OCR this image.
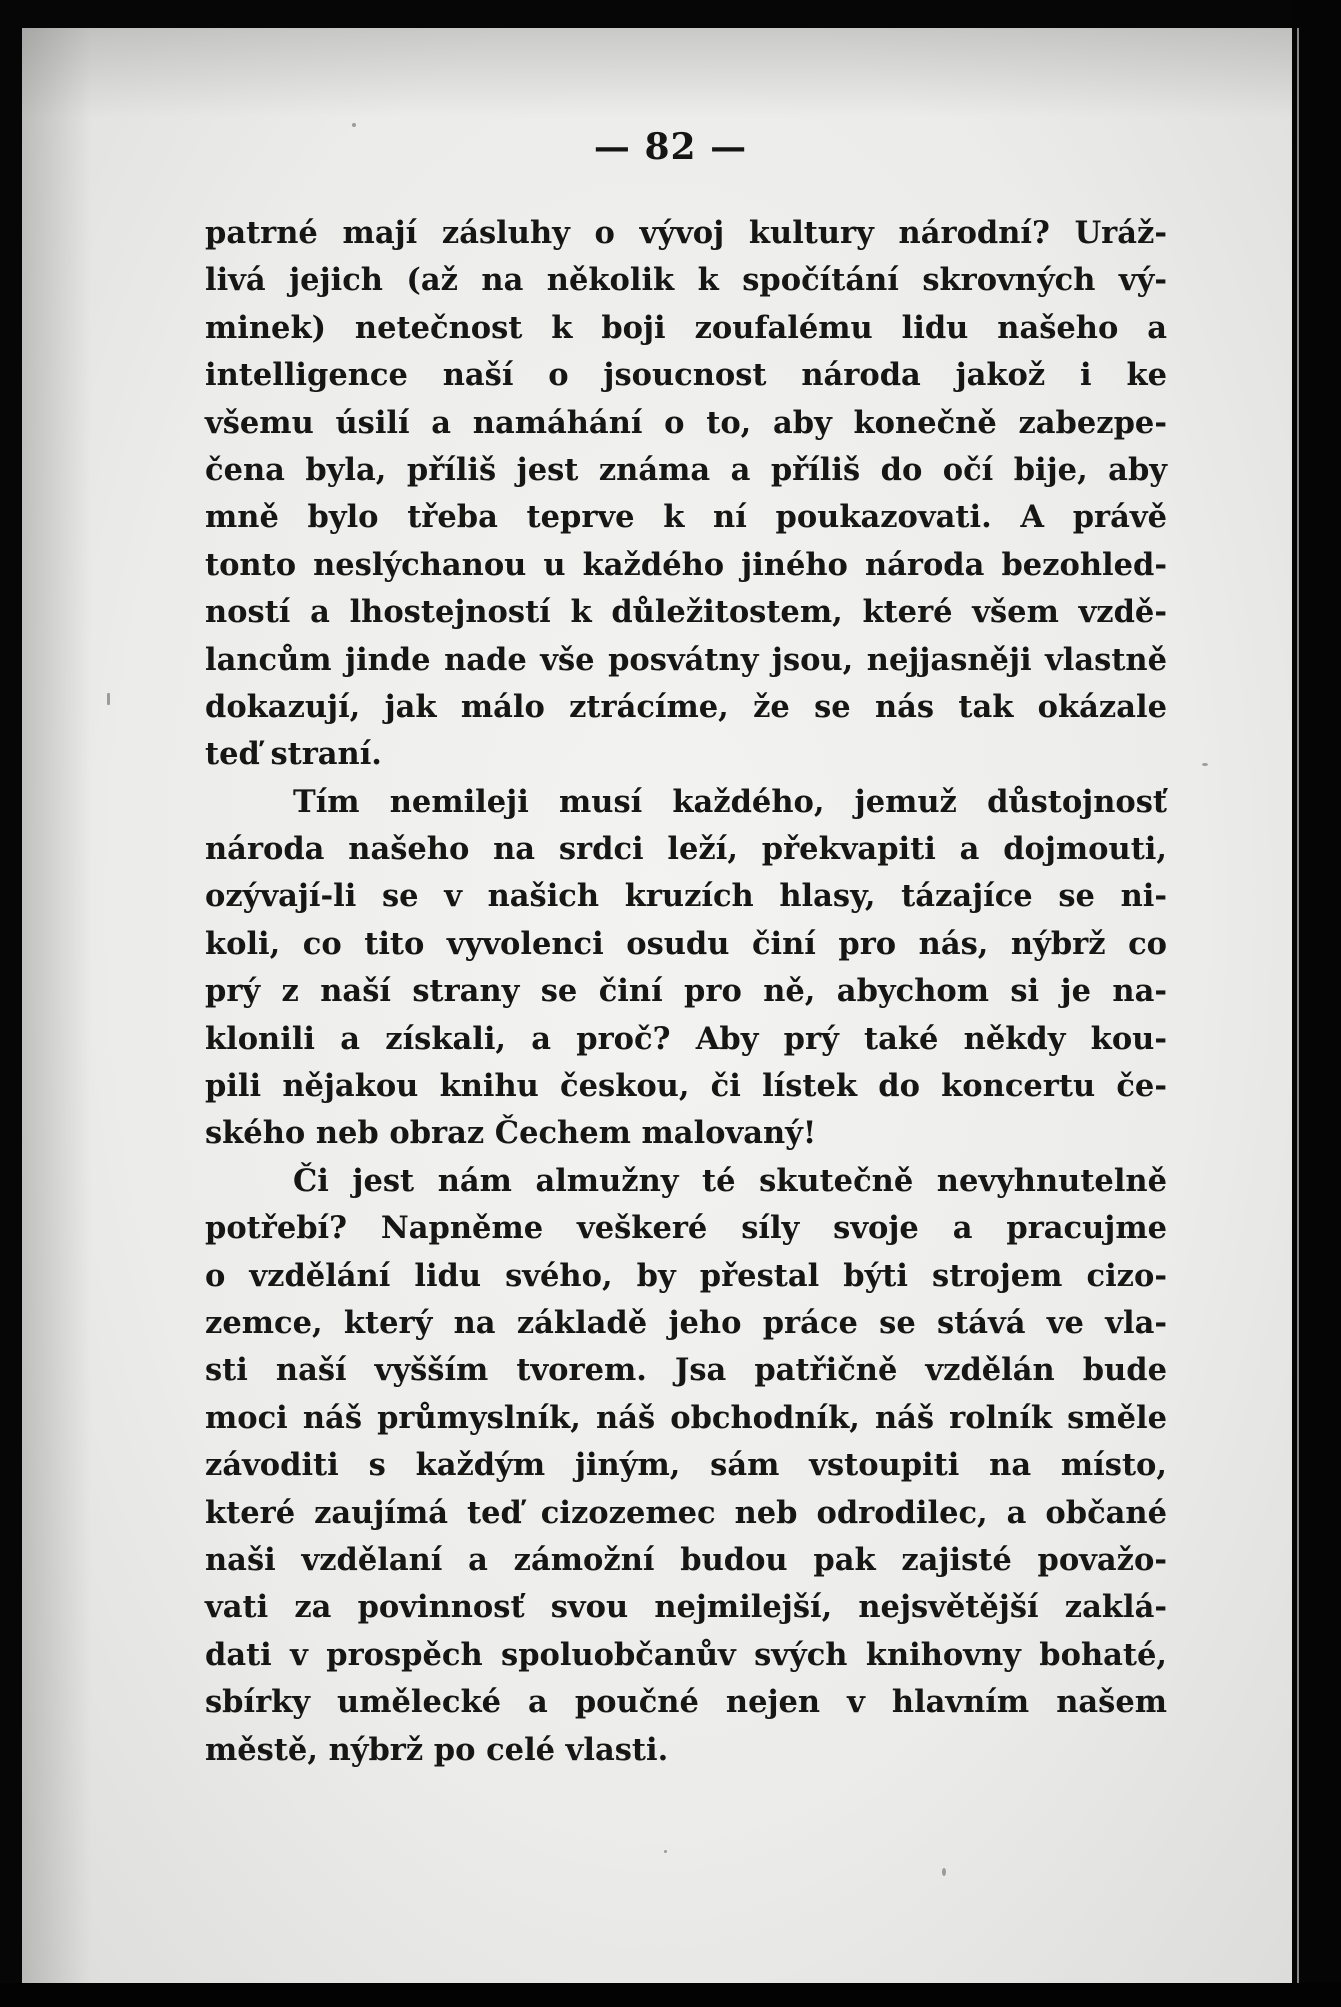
— 82 —
patrné mají zásluhy o vývoj kultury národní? Uráž-
livá jejich (až na několik k spočítání skrovných vý-
minek) netečnost k boji zoufalému lidu našeho a
intelligence naší o jsoucnost národa jakož i ke
všemu úsilí a namáhání o to, aby konečně zabezpe-
čena byla, příliš jest známa a příliš do očí bije, aby
mně bylo třeba teprve k ní poukazovati. A právě
tonto neslýchanou u každého jiného národa bezohled-
ností a lhostejností k důležitostem, které všem vzdě-
lancům jinde nade vše posvátny jsou, nejjasněji vlastně
dokazují, jak málo ztrácíme, že se nás tak okázale
teď straní.
Tím nemileji musí každého, jemuž důstojnosť
národa našeho na srdci leží, překvapiti a dojmouti,
ozývají-li se v našich kruzích hlasy, tázajíce se ni-
koli, co tito vyvolenci osudu činí pro nás, nýbrž co
prý z naší strany se činí pro ně, abychom si je na-
klonili a získali, a proč? Aby prý také někdy kou-
pili nějakou knihu českou, či lístek do koncertu če-
ského neb obraz Čechem malovaný!
Či jest nám almužny té skutečně nevyhnutelně
potřebí? Napněme veškeré síly svoje a pracujme
o vzdělání lidu svého, by přestal býti strojem cizo-
zemce, který na základě jeho práce se stává ve vla-
sti naší vyšším tvorem. Jsa patřičně vzdělán bude
moci náš průmyslník, náš obchodník, náš rolník směle
závoditi s každým jiným, sám vstoupiti na místo,
které zaujímá teď cizozemec neb odrodilec, a občané
naši vzdělaní a zámožní budou pak zajisté považo-
vati za povinnosť svou nejmilejší, nejsvětější zaklá-
dati v prospěch spoluobčanův svých knihovny bohaté,
sbírky umělecké a poučné nejen v hlavním našem
městě, nýbrž po celé vlasti.
